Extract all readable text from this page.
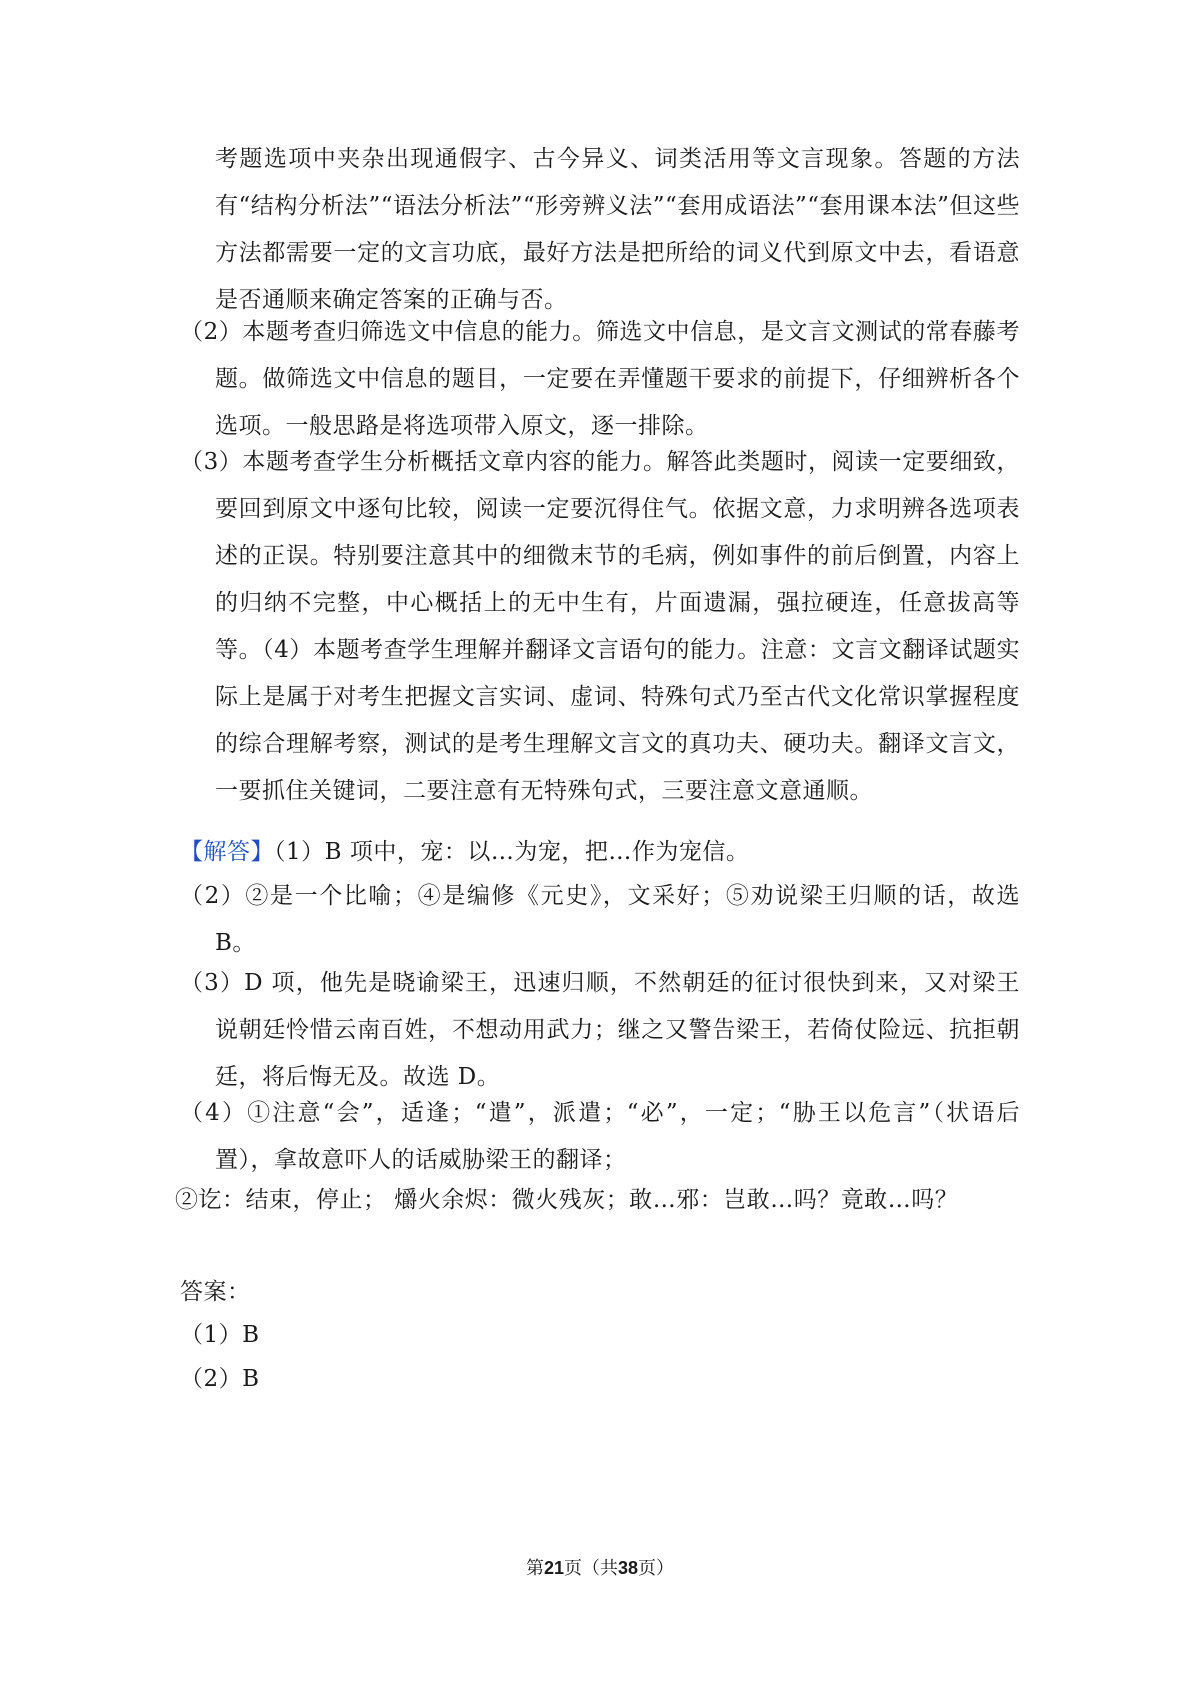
考题选项中夹杂出现通假字、古今异义、词类活用等文言现象。答题的方法有“结构分析法”“语法分析法”“形旁辨义法”“套用成语法”“套用课本法”但这些方法都需要一定的文言功底，最好方法是把所给的词义代到原文中去，看语意是否通顺来确定答案的正确与否。

（2）本题考查归筛选文中信息的能力。筛选文中信息，是文言文测试的常春藤考题。做筛选文中信息的题目，一定要在弄懂题干要求的前提下，仔细辨析各个选项。一般思路是将选项带入原文，逐一排除。

（3）本题考查学生分析概括文章内容的能力。解答此类题时，阅读一定要细致，要回到原文中逐句比较，阅读一定要沉得住气。依据文意，力求明辨各选项表述的正误。特别要注意其中的细微末节的毛病，例如事件的前后倒置，内容上的归纳不完整，中心概括上的无中生有，片面遗漏，强拉硬连，任意拔高等等。（4）本题考查学生理解并翻译文言语句的能力。注意：文言文翻译试题实际上是属于对考生把握文言实词、虚词、特殊句式乃至古代文化常识掌握程度的综合理解考察，测试的是考生理解文言文的真功夫、硬功夫。翻译文言文，一要抓住关键词，二要注意有无特殊句式，三要注意文意通顺。

【解答】（1）B 项中，宠：以…为宠，把…作为宠信。

（2）②是一个比喻；④是编修《元史》，文采好；⑤劝说梁王归顺的话，故选B。

（3）D 项，他先是晓谕梁王，迅速归顺，不然朝廷的征讨很快到来，又对梁王说朝廷怜惜云南百姓，不想动用武力；继之又警告梁王，若倚仗险远、抗拒朝廷，将后悔无及。故选 D。

（4）①注意“会”，适逢；“遣”，派遣；“必”，一定；“胁王以危言”（状语后置），拿故意吓人的话威胁梁王的翻译；

②讫：结束，停止； 爝火余烬：微火残灰；敢…邪：岂敢…吗？竟敢…吗？

答案：

（1）B

（2）B

第21页（共38页）
